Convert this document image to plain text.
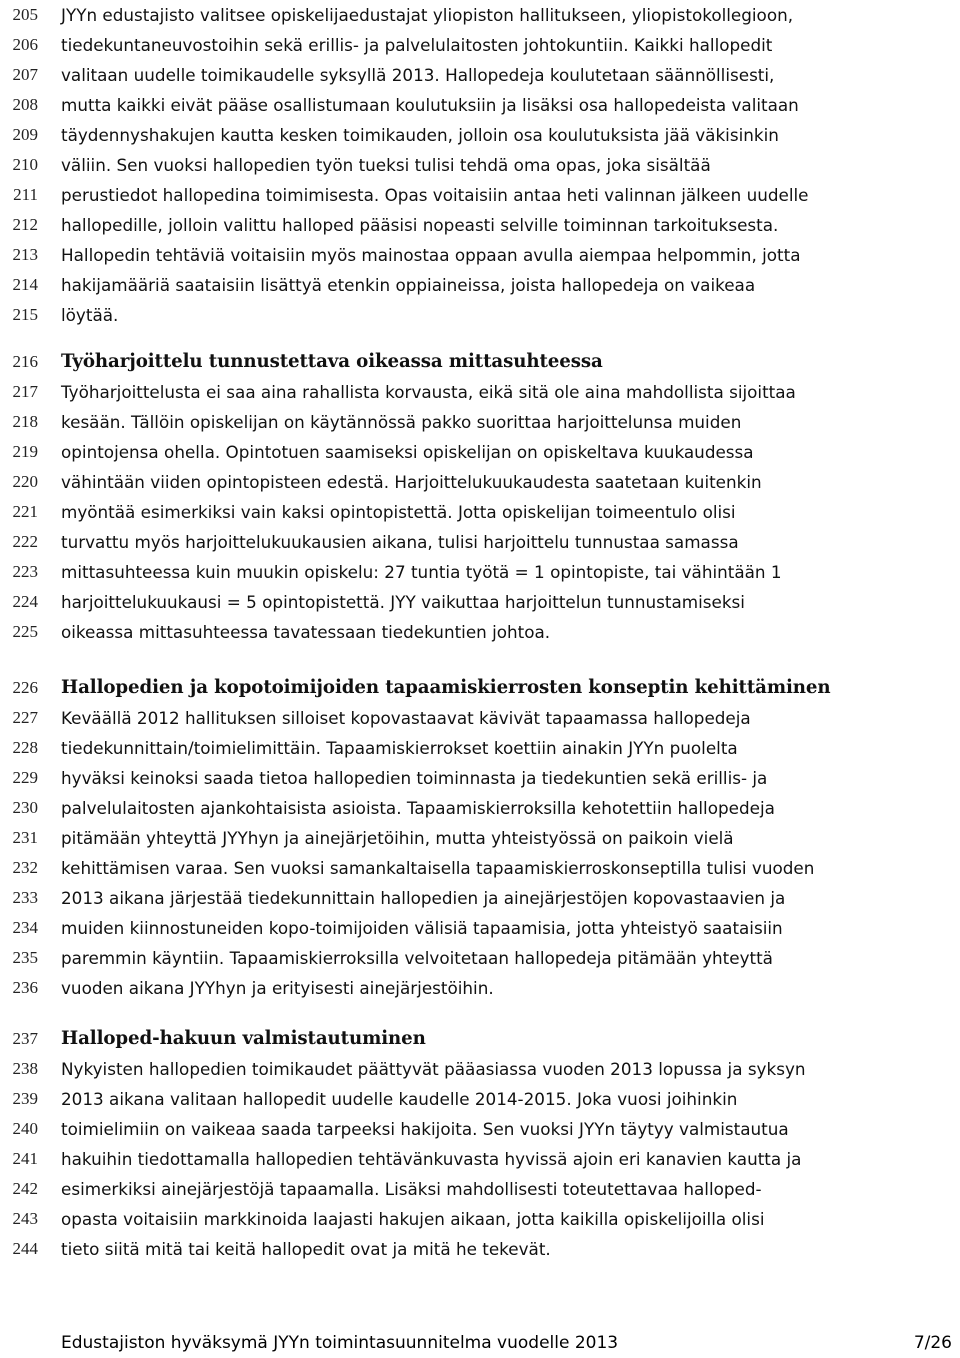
205 JYYn edustajisto valitsee opiskelijaedustajat yliopiston hallitukseen, yliopistokollegioon,
206 tiedekuntaneuvostoihin sekä erillis- ja palvelulaitosten johtokuntiin. Kaikki hallopedit
207 valitaan uudelle toimikaudelle syksyllä 2013. Hallopedeja koulutetaan säännöllisesti,
208 mutta kaikki eivät pääse osallistumaan koulutuksiin ja lisäksi osa hallopedeista valitaan
209 täydennyshakujen kautta kesken toimikauden, jolloin osa koulutuksista jää väkisinkin
210 väliin. Sen vuoksi hallopedien työn tueksi tulisi tehdä oma opas, joka sisältää
211 perustiedot hallopedina toimimisesta. Opas voitaisiin antaa heti valinnan jälkeen uudelle
212 hallopedille, jolloin valittu halloped pääsisi nopeasti selville toiminnan tarkoituksesta.
213 Hallopedin tehtäviä voitaisiin myös mainostaa oppaan avulla aiempaa helpommin, jotta
214 hakijamääriä saataisiin lisättyä etenkin oppiaineissa, joista hallopedeja on vaikeaa
215 löytää.
216 Työharjoittelu tunnustettava oikeassa mittasuhteessa
217 Työharjoittelusta ei saa aina rahallista korvausta, eikä sitä ole aina mahdollista sijoittaa
218 kesään. Tällöin opiskelijan on käytännössä pakko suorittaa harjoittelunsa muiden
219 opintojensa ohella. Opintotuen saamiseksi opiskelijan on opiskeltava kuukaudessa
220 vähintään viiden opintopisteen edestä. Harjoittelukuukaudesta saatetaan kuitenkin
221 myöntää esimerkiksi vain kaksi opintopistettä. Jotta opiskelijan toimeentulo olisi
222 turvattu myös harjoittelukuukausien aikana, tulisi harjoittelu tunnustaa samassa
223 mittasuhteessa kuin muukin opiskelu: 27 tuntia työtä = 1 opintopiste, tai vähintään 1
224 harjoittelukuukausi = 5 opintopistettä. JYY vaikuttaa harjoittelun tunnustamiseksi
225 oikeassa mittasuhteessa tavatessaan tiedekuntien johtoa.
226 Hallopedien ja kopotoimijoiden tapaamiskierrosten konseptin kehittäminen
227 Keväällä 2012 hallituksen silloiset kopovastaavat kävivät tapaamassa hallopedeja
228 tiedekunnittain/toimielimittäin. Tapaamiskierrokset koettiin ainakin JYYn puolelta
229 hyväksi keinoksi saada tietoa hallopedien toiminnasta ja tiedekuntien sekä erillis- ja
230 palvelulaitosten ajankohtaisista asioista. Tapaamiskierroksilla kehotettiin hallopedeja
231 pitämään yhteyttä JYYhyn ja ainejärjetöihin, mutta yhteistyössä on paikoin vielä
232 kehittämisen varaa. Sen vuoksi samankaltaisella tapaamiskierroskonseptilla tulisi vuoden
233 2013 aikana järjestää tiedekunnittain hallopedien ja ainejärjestöjen kopovastaavien ja
234 muiden kiinnostuneiden kopo-toimijoiden välisiä tapaamisia, jotta yhteistyö saataisiin
235 paremmin käyntiin. Tapaamiskierroksilla velvoitetaan hallopedeja pitämään yhteyttä
236 vuoden aikana JYYhyn ja erityisesti ainejärjestöihin.
237 Halloped-hakuun valmistautuminen
238 Nykyisten hallopedien toimikaudet päättyvät pääasiassa vuoden 2013 lopussa ja syksyn
239 2013 aikana valitaan hallopedit uudelle kaudelle 2014-2015. Joka vuosi joihinkin
240 toimielimiin on vaikeaa saada tarpeeksi hakijoita. Sen vuoksi JYYn täytyy valmistautua
241 hakuihin tiedottamalla hallopedien tehtävänkuvasta hyvissä ajoin eri kanavien kautta ja
242 esimerkiksi ainejärjestöjä tapaamalla. Lisäksi mahdollisesti toteutettavaa halloped-
243 opasta voitaisiin markkinoida laajasti hakujen aikaan, jotta kaikilla opiskelijoilla olisi
244 tieto siitä mitä tai keitä hallopedit ovat ja mitä he tekevät.
Edustajiston hyväksymä JYYn toimintasuunnitelma vuodelle 2013	7/26
